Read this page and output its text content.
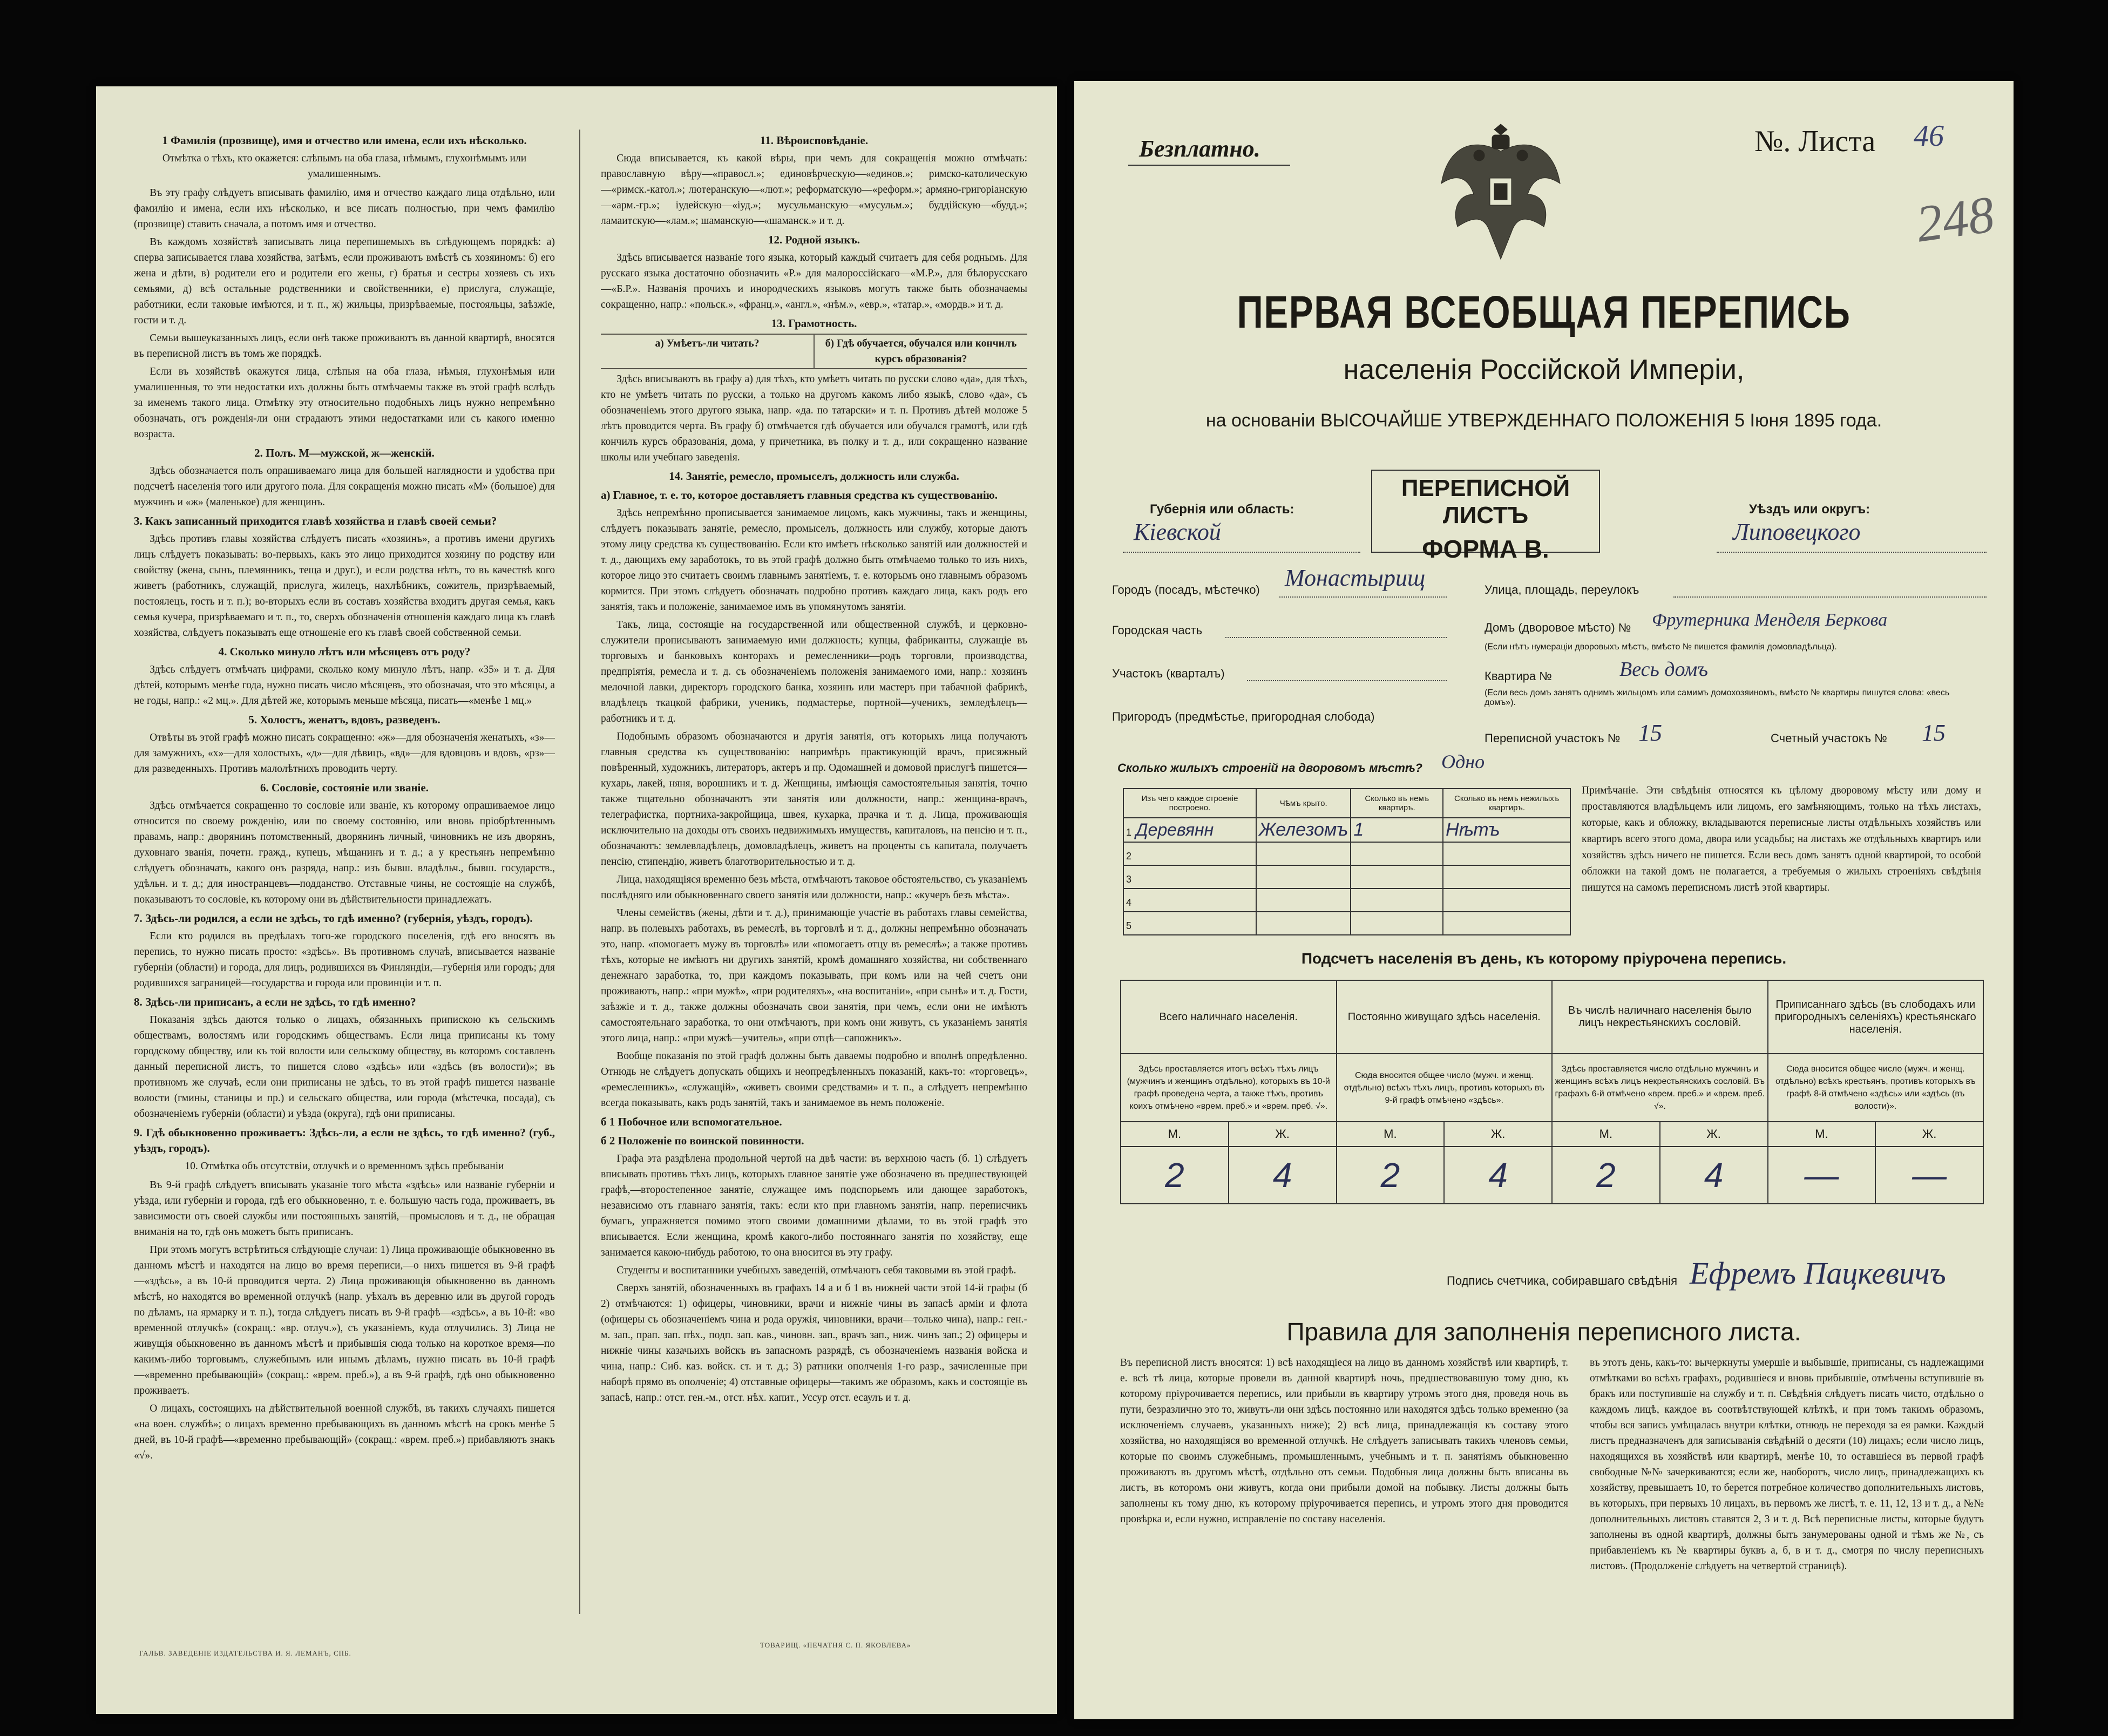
1 Фамилія (прозвище), имя и отчество или имена, если ихъ нѣсколько.
Отмѣтка о тѣхъ, кто окажется: слѣпымъ на оба глаза, нѣмымъ, глухонѣмымъ или умалишеннымъ.
Въ эту графу слѣдуетъ вписывать фамилію, имя и отчество каждаго лица отдѣльно, или фамилію и имена, если ихъ нѣсколько, и все писать полностью, при чемъ фамилію (прозвище) ставить сначала, а потомъ имя и отчество.
Въ каждомъ хозяйствѣ записывать лица перепишемыхъ въ слѣдующемъ порядкѣ: а) сперва записывается глава хозяйства, затѣмъ, если проживаютъ вмѣстѣ съ хозяиномъ: б) его жена и дѣти, в) родители его и родители его жены, г) братья и сестры хозяевъ съ ихъ семьями, д) всѣ остальные родственники и свойственники, е) прислуга, служащіе, работники, если таковые имѣются, и т. п., ж) жильцы, призрѣваемые, постояльцы, заѣзжіе, гости и т. д.
Семьи вышеуказанныхъ лицъ, если онѣ также проживаютъ въ данной квартирѣ, вносятся въ переписной листъ въ томъ же порядкѣ.
Если въ хозяйствѣ окажутся лица, слѣпыя на оба глаза, нѣмыя, глухонѣмыя или умалишенныя, то эти недостатки ихъ должны быть отмѣчаемы также въ этой графѣ вслѣдъ за именемъ такого лица. Отмѣтку эту относительно подобныхъ лицъ нужно непремѣнно обозначать, отъ рожденія-ли они страдаютъ этими недостатками или съ какого именно возраста.
2. Полъ. М—мужской, ж—женскій.
Здѣсь обозначается полъ опрашиваемаго лица для большей наглядности и удобства при подсчетѣ населенія того или другого пола. Для сокращенія можно писать «М» (большое) для мужчинъ и «ж» (маленькое) для женщинъ.
3. Какъ записанный приходится главѣ хозяйства и главѣ своей семьи?
Здѣсь противъ главы хозяйства слѣдуетъ писать «хозяинъ», а противъ имени другихъ лицъ слѣдуетъ показывать: во-первыхъ, какъ это лицо приходится хозяину по родству или свойству (жена, сынъ, племянникъ, теща и друг.), и если родства нѣтъ, то въ качествѣ кого живетъ (работникъ, служащій, прислуга, жилецъ, нахлѣбникъ, сожитель, призрѣваемый, постоялецъ, гость и т. п.); во-вторыхъ если въ составъ хозяйства входитъ другая семья, какъ семья кучера, призрѣваемаго и т. п., то, сверхъ обозначенія отношенія каждаго лица къ главѣ хозяйства, слѣдуетъ показывать еще отношеніе его къ главѣ своей собственной семьи.
4. Сколько минуло лѣтъ или мѣсяцевъ отъ роду?
Здѣсь слѣдуетъ отмѣчать цифрами, сколько кому минуло лѣтъ, напр. «35» и т. д. Для дѣтей, которымъ менѣе года, нужно писать число мѣсяцевъ, это обозначая, что это мѣсяцы, а не годы, напр.: «2 мц.». Для дѣтей же, которымъ меньше мѣсяца, писать—«менѣе 1 мц.»
5. Холостъ, женатъ, вдовъ, разведенъ.
Отвѣты въ этой графѣ можно писать сокращенно: «ж»—для обозначенія женатыхъ, «з»—для замужнихъ, «х»—для холостыхъ, «д»—для дѣвицъ, «вд»—для вдовцовъ и вдовъ, «рз»—для разведенныхъ. Противъ малолѣтнихъ проводить черту.
6. Сословіе, состояніе или званіе.
Здѣсь отмѣчается сокращенно то сословіе или званіе, къ которому опрашиваемое лицо относится по своему рожденію, или по своему состоянію, или вновь пріобрѣтеннымъ правамъ, напр.: дворянинъ потомственный, дворянинъ личный, чиновникъ не изъ дворянъ, духовнаго званія, почетн. гражд., купецъ, мѣщанинъ и т. д.; а у крестьянъ непремѣнно слѣдуетъ обозначать, какого онъ разряда, напр.: изъ бывш. владѣльч., бывш. государств., удѣльн. и т. д.; для иностранцевъ—подданство. Отставные чины, не состоящіе на службѣ, показываютъ то сословіе, къ которому они въ дѣйствительности принадлежатъ.
7. Здѣсь-ли родился, а если не здѣсь, то гдѣ именно? (губернія, уѣздъ, городъ).
Если кто родился въ предѣлахъ того-же городского поселенія, гдѣ его вносятъ въ перепись, то нужно писать просто: «здѣсь». Въ противномъ случаѣ, вписывается названіе губерніи (области) и города, для лицъ, родившихся въ Финляндіи,—губернія или городъ; для родившихся заграницей—государства и города или провинціи и т. п.
8. Здѣсь-ли приписанъ, а если не здѣсь, то гдѣ именно?
Показанія здѣсь даются только о лицахъ, обязанныхъ припискою къ сельскимъ обществамъ, волостямъ или городскимъ обществамъ. Если лица приписаны къ тому городскому обществу, или къ той волости или сельскому обществу, въ которомъ составленъ данный переписной листъ, то пишется слово «здѣсь» или «здѣсь (въ волости)»; въ противномъ же случаѣ, если они приписаны не здѣсь, то въ этой графѣ пишется названіе волости (гмины, станицы и пр.) и сельскаго общества, или города (мѣстечка, посада), съ обозначеніемъ губерніи (области) и уѣзда (округа), гдѣ они приписаны.
9. Гдѣ обыкновенно проживаетъ: Здѣсь-ли, а если не здѣсь, то гдѣ именно? (губ., уѣздъ, городъ).
10. Отмѣтка объ отсутствіи, отлучкѣ и о временномъ здѣсь пребываніи
Въ 9-й графѣ слѣдуетъ вписывать указаніе того мѣста «здѣсь» или названіе губерніи и уѣзда, или губерніи и города, гдѣ его обыкновенно, т. е. большую часть года, проживаетъ, въ зависимости отъ своей службы или постоянныхъ занятій,—промысловъ и т. д., не обращая вниманія на то, гдѣ онъ можетъ быть приписанъ.
При этомъ могутъ встрѣтиться слѣдующіе случаи: 1) Лица проживающіе обыкновенно въ данномъ мѣстѣ и находятся на лицо во время переписи,—о нихъ пишется въ 9-й графѣ—«здѣсь», а въ 10-й проводится черта. 2) Лица проживающія обыкновенно въ данномъ мѣстѣ, но находятся во временной отлучкѣ (напр. уѣхалъ въ деревню или въ другой городъ по дѣламъ, на ярмарку и т. п.), тогда слѣдуетъ писать въ 9-й графѣ—«здѣсь», а въ 10-й: «во временной отлучкѣ» (сокращ.: «вр. отлуч.»), съ указаніемъ, куда отлучились. 3) Лица не живущія обыкновенно въ данномъ мѣстѣ и прибывшія сюда только на короткое время—по какимъ-либо торговымъ, служебнымъ или инымъ дѣламъ, нужно писать въ 10-й графѣ—«временно пребывающій» (сокращ.: «врем. преб.»), а въ 9-й графѣ, гдѣ оно обыкновенно проживаетъ.
О лицахъ, состоящихъ на дѣйствительной военной службѣ, въ такихъ случаяхъ пишется «на воен. службѣ»; о лицахъ временно пребывающихъ въ данномъ мѣстѣ на срокъ менѣе 5 дней, въ 10-й графѣ—«временно пребывающій» (сокращ.: «врем. преб.») прибавляютъ знакъ «√».
11. Вѣроисповѣданіе.
Сюда вписывается, къ какой вѣры, при чемъ для сокращенія можно отмѣчать: православную вѣру—«правосл.»; единовѣрческую—«единов.»; римско-католическую—«римск.-катол.»; лютеранскую—«лют.»; реформатскую—«реформ.»; армяно-григоріанскую—«арм.-гр.»; іудейскую—«іуд.»; мусульманскую—«мусульм.»; буддійскую—«будд.»; ламаитскую—«лам.»; шаманскую—«шаманск.» и т. д.
12. Родной языкъ.
Здѣсь вписывается названіе того языка, который каждый считаетъ для себя роднымъ. Для русскаго языка достаточно обозначить «Р.» для малороссійскаго—«М.Р.», для бѣлорусскаго—«Б.Р.». Названія прочихъ и инородческихъ языковъ могутъ также быть обозначаемы сокращенно, напр.: «польск.», «франц.», «англ.», «нѣм.», «евр.», «татар.», «мордв.» и т. д.
13. Грамотность.
а) Умѣетъ-ли читать?	б) Гдѣ обучается, обучался или кончилъ курсъ образованія?
Здѣсь вписываютъ въ графу а) для тѣхъ, кто умѣетъ читать по русски слово «да», для тѣхъ, кто не умѣетъ читать по русски, а только на другомъ какомъ либо языкѣ, слово «да», съ обозначеніемъ этого другого языка, напр. «да. по татарски» и т. п. Противъ дѣтей моложе 5 лѣтъ проводится черта. Въ графу б) отмѣчается гдѣ обучается или обучался грамотѣ, или гдѣ кончилъ курсъ образованія, дома, у причетника, въ полку и т. д., или сокращенно название школы или учебнаго заведенія.
14. Занятіе, ремесло, промыселъ, должность или служба.
а) Главное, т. е. то, которое доставляетъ главныя средства къ существованію.
Здѣсь непремѣнно прописывается занимаемое лицомъ, какъ мужчины, такъ и женщины, слѣдуетъ показывать занятіе, ремесло, промыселъ, должность или службу, которые даютъ этому лицу средства къ существованію. Если кто имѣетъ нѣсколько занятій или должностей и т. д., дающихъ ему заработокъ, то въ этой графѣ должно быть отмѣчаемо только то изъ нихъ, которое лицо это считаетъ своимъ главнымъ занятіемъ, т. е. которымъ оно главнымъ образомъ кормится. При этомъ слѣдуетъ обозначать подробно противъ каждаго лица, какъ родъ его занятія, такъ и положеніе, занимаемое имъ въ упомянутомъ занятіи.
Такъ, лица, состоящіе на государственной или общественной службѣ, и церковно-служители прописываютъ занимаемую ими должность; купцы, фабриканты, служащіе въ торговыхъ и банковыхъ конторахъ и ремесленники—родъ торговли, производства, предпріятія, ремесла и т. д. съ обозначеніемъ положенія занимаемого ими, напр.: хозяинъ мелочной лавки, директоръ городского банка, хозяинъ или мастеръ при табачной фабрикѣ, владѣлецъ ткацкой фабрики, ученикъ, подмастерье, портной—ученикъ, земледѣлецъ—работникъ и т. д.
Подобнымъ образомъ обозначаются и другія занятія, отъ которыхъ лица получаютъ главныя средства къ существованію: напримѣръ практикующій врачъ, присяжный повѣренный, художникъ, литераторъ, актеръ и пр. Одомашней и домовой прислугѣ пишется—кухарь, лакей, няня, ворошникъ и т. д. Женщины, имѣющія самостоятельныя занятія, точно также тщательно обозначаютъ эти занятія или должности, напр.: женщина-врачъ, телеграфистка, портниха-закройщица, швея, кухарка, прачка и т. д. Лица, проживающія исключительно на доходы отъ своихъ недвижимыхъ имуществъ, капиталовъ, на пенсію и т. п., обозначаютъ: землевладѣлецъ, домовладѣлецъ, живетъ на проценты съ капитала, получаетъ пенсію, стипендію, живетъ благотворительностью и т. д.
Лица, находящіяся временно безъ мѣста, отмѣчаютъ таковое обстоятельство, съ указаніемъ послѣдняго или обыкновеннаго своего занятія или должности, напр.: «кучеръ безъ мѣста».
Члены семействъ (жены, дѣти и т. д.), принимающіе участіе въ работахъ главы семейства, напр. въ полевыхъ работахъ, въ ремеслѣ, въ торговлѣ и т. д., должны непремѣнно обозначать это, напр. «помогаетъ мужу въ торговлѣ» или «помогаетъ отцу въ ремеслѣ»; а также противъ тѣхъ, которые не имѣютъ ни другихъ занятій, кромѣ домашняго хозяйства, ни собственнаго денежнаго заработка, то, при каждомъ показывать, при комъ или на чей счетъ они проживаютъ, напр.: «при мужѣ», «при родителяхъ», «на воспитаніи», «при сынѣ» и т. д. Гости, заѣзжіе и т. д., также должны обозначать свои занятія, при чемъ, если они не имѣютъ самостоятельнаго заработка, то они отмѣчаютъ, при комъ они живутъ, съ указаніемъ занятія этого лица, напр.: «при мужѣ—учитель», «при отцѣ—сапожникъ».
Вообще показанія по этой графѣ должны быть даваемы подробно и вполнѣ опредѣленно. Отнюдь не слѣдуетъ допускать общихъ и неопредѣленныхъ показаній, какъ-то: «торговецъ», «ремесленникъ», «служащій», «живетъ своими средствами» и т. п., а слѣдуетъ непремѣнно всегда показывать, какъ родъ занятій, такъ и занимаемое въ немъ положеніе.
б 1 Побочное или вспомогательное.
б 2 Положеніе по воинской повинности.
Графа эта раздѣлена продольной чертой на двѣ части: въ верхнюю часть (б. 1) слѣдуетъ вписывать противъ тѣхъ лицъ, которыхъ главное занятіе уже обозначено въ предшествующей графѣ,—второстепенное занятіе, служащее имъ подспорьемъ или дающее заработокъ, независимо отъ главнаго занятія, такъ: если кто при главномъ занятіи, напр. переписчикъ бумагъ, упражняется помимо этого своими домашними дѣлами, то въ этой графѣ это вписывается. Если женщина, кромѣ какого-либо постояннаго занятія по хозяйству, еще занимается какою-нибудь работою, то она вносится въ эту графу.
Студенты и воспитанники учебныхъ заведеній, отмѣчаютъ себя таковыми въ этой графѣ.
Сверхъ занятій, обозначенныхъ въ графахъ 14 а и б 1 въ нижней части этой 14-й графы (б 2) отмѣчаются: 1) офицеры, чиновники, врачи и нижніе чины въ запасѣ арміи и флота (офицеры съ обозначеніемъ чина и рода оружія, чиновники, врачи—только чина), напр.: ген.-м. зап., прап. зап. пѣх., подп. зап. кав., чиновн. зап., врачъ зап., ниж. чинъ зап.; 2) офицеры и нижніе чины казачьихъ войскъ въ запасномъ разрядѣ, съ обозначеніемъ названія войска и чина, напр.: Сиб. каз. войск. ст. и т. д.; 3) ратники ополченія 1-го разр., зачисленные при наборѣ прямо въ ополченіе; 4) отставные офицеры—такимъ же образомъ, какъ и состоящіе въ запасѣ, напр.: отст. ген.-м., отст. нѣх. капит., Уссур отст. есаулъ и т. д.
ГАЛЬВ. ЗАВЕДЕНІЕ ИЗДАТЕЛЬСТВА И. Я. ЛЕМАНЪ, СПБ.
ТОВАРИЩ. «ПЕЧАТНЯ С. П. ЯКОВЛЕВА»
Безплатно.	№. Листа 46
248
ПЕРВАЯ ВСЕОБЩАЯ ПЕРЕПИСЬ
населенія Россійской Имперіи,
на основаніи ВЫСОЧАЙШЕ УТВЕРЖДЕННАГО ПОЛОЖЕНІЯ 5 Іюня 1895 года.
ПЕРЕПИСНОЙ ЛИСТЪ
ФОРМА В.
Губернія или область:
Кіевской
Уѣздъ или округъ:
Липовецкого
Городъ (посадъ, мѣстечко) Монастырищ
Городская часть
Участокъ (кварталъ)
Пригородъ (предмѣстье, пригородная слобода)
Улица, площадь, переулокъ
Домъ (дворовое мѣсто) № Фрутерника Менделя Беркова
(Если нѣтъ нумераціи дворовыхъ мѣстъ, вмѣсто № пишется фамилія домовладѣльца).
Квартира №	Весь домъ
(Если весь домъ занятъ однимъ жильцомъ или самимъ домохозяиномъ, вмѣсто № квартиры пишутся слова: «весь домъ»).
Переписной участокъ № 15	Счетный участокъ № 15
Сколько жилыхъ строеній на дворовомъ мѣстѣ? Одно
Изъ чего каждое строеніе построено.	Чѣмъ крыто.	Сколько въ немъ квартиръ.	Сколько въ немъ нежилыхъ квартиръ.
1 Деревянн	Железомъ	1	Нѣтъ
2			
3			
4			
5			
Примѣчаніе. Эти свѣдѣнія относятся къ цѣлому дворовому мѣсту или дому и проставляются владѣльцемъ или лицомъ, его замѣняющимъ, только на тѣхъ листахъ, которые, какъ и обложку, вкладываются переписные листы отдѣльныхъ хозяйствъ или квартиръ всего этого дома, двора или усадьбы; на листахъ же отдѣльныхъ квартиръ или хозяйствъ здѣсь ничего не пишется. Если весь домъ занятъ одной квартирой, то особой обложки на такой домъ не полагается, а требуемыя о жилыхъ строеніяхъ свѣдѣнія пишутся на самомъ переписномъ листѣ этой квартиры.
Подсчетъ населенія въ день, къ которому пріурочена перепись.
Всего наличнаго населенія.		Постоянно живущаго здѣсь населенія.		Въ числѣ наличнаго населенія было лицъ некрестьянскихъ сословій.		Приписаннаго здѣсь (въ слободахъ или пригородныхъ селеніяхъ) крестьянскаго населенія.	
Здѣсь проставляется итогъ всѣхъ тѣхъ лицъ (мужчинъ и женщинъ отдѣльно), которыхъ въ 10-й графѣ проведена черта, а также тѣхъ, противъ коихъ отмѣчено «врем. преб.» и «врем. преб. √».		Сюда вносится общее число (мужч. и женщ. отдѣльно) всѣхъ тѣхъ лицъ, противъ которыхъ въ 9-й графѣ отмѣчено «здѣсь».		Здѣсь проставляется число отдѣльно мужчинъ и женщинъ всѣхъ лицъ некрестьянскихъ сословій. Въ графахъ 6-й отмѣчено «врем. преб.» и «врем. преб. √».		Сюда вносится общее число (мужч. и женщ. отдѣльно) всѣхъ крестьянъ, противъ которыхъ въ графѣ 8-й отмѣчено «здѣсь» или «здѣсь (въ волости)».	
М.	Ж.	М.	Ж.	М.	Ж.	М.	Ж.
2	4	2	4	2	4	—	—
Подпись счетчика, собиравшаго свѣдѣнія Ефремъ Пацкевичъ
Правила для заполненія переписного листа.
Въ переписной листъ вносятся: 1) всѣ находящіеся на лицо въ данномъ хозяйствѣ или квартирѣ, т. е. всѣ тѣ лица, которые провели въ данной квартирѣ ночь, предшествовавшую тому дню, къ которому пріурочивается перепись, или прибыли въ квартиру утромъ этого дня, проведя ночь въ пути, безразлично это то, живутъ-ли они здѣсь постоянно или находятся здѣсь только временно (за исключеніемъ случаевъ, указанныхъ ниже); 2) всѣ лица, принадлежащія къ составу этого хозяйства, но находящіяся во временной отлучкѣ. Не слѣдуетъ записывать такихъ членовъ семьи, которые по своимъ служебнымъ, промышленнымъ, учебнымъ и т. п. занятіямъ обыкновенно проживаютъ въ другомъ мѣстѣ, отдѣльно отъ семьи. Подобныя лица должны быть вписаны въ листъ, въ которомъ они живутъ, когда они прибыли домой на побывку. Листы должны быть заполнены къ тому дню, къ которому пріурочивается перепись, и утромъ этого дня проводится провѣрка и, если нужно, исправленіе по составу населенія.
въ этотъ день, какъ-то: вычеркнуты умершіе и выбывшіе, приписаны, съ надлежащими отмѣтками во всѣхъ графахъ, родившіеся и вновь прибывшіе, отмѣчены вступившіе въ бракъ или поступившіе на службу и т. п. Свѣдѣнія слѣдуетъ писать чисто, отдѣльно о каждомъ лицѣ, каждое въ соотвѣтствующей клѣткѣ, и при томъ такимъ образомъ, чтобы вся запись умѣщалась внутри клѣтки, отнюдь не переходя за ея рамки. Каждый листъ предназначенъ для записыванія свѣдѣній о десяти (10) лицахъ; если число лицъ, находящихся въ хозяйствѣ или квартирѣ, менѣе 10, то оставшіеся въ первой графѣ свободные №№ зачеркиваются; если же, наоборотъ, число лицъ, принадлежащихъ къ хозяйству, превышаетъ 10, то берется потребное количество дополнительныхъ листовъ, въ которыхъ, при первыхъ 10 лицахъ, въ первомъ же листѣ, т. е. 11, 12, 13 и т. д., а №№ дополнительныхъ листовъ ставятся 2, 3 и т. д. Всѣ переписные листы, которые будутъ заполнены въ одной квартирѣ, должны быть занумерованы одной и тѣмъ же №, съ прибавленіемъ къ № квартиры буквъ а, б, в и т. д., смотря по числу переписныхъ листовъ. (Продолженіе слѣдуетъ на четвертой страницѣ).
